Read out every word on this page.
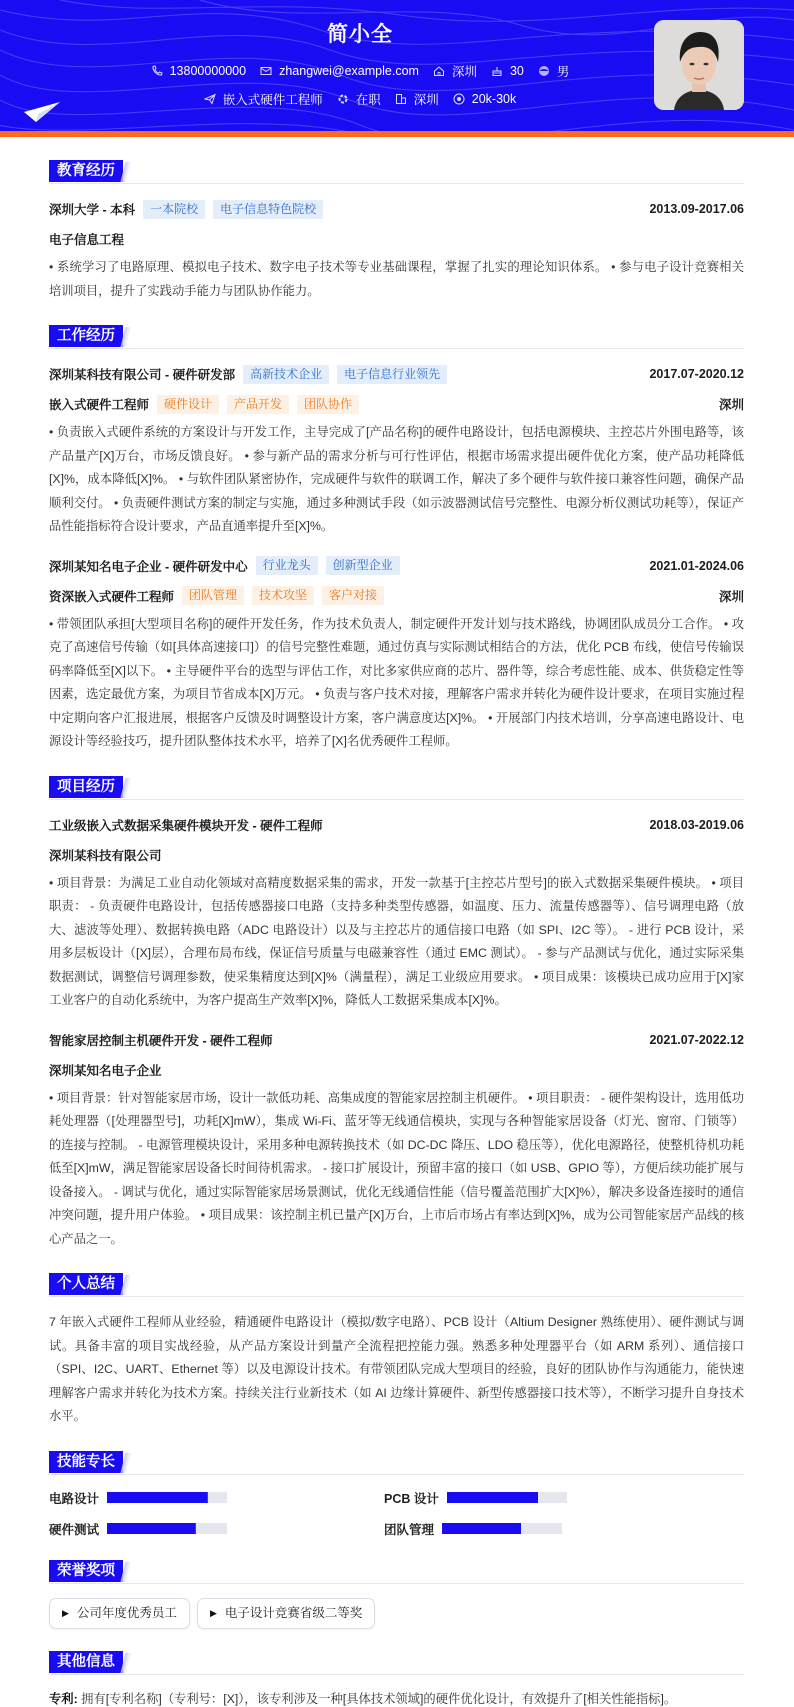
简小全
13800000000	zhangwei@example.com	深圳	30	男
嵌入式硬件工程师	在职	深圳	20k-30k
教育经历
深圳大学 - 本科	一本院校	电子信息特色院校	2013.09-2017.06
电子信息工程

• 系统学习了电路原理、模拟电子技术、数字电子技术等专业基础课程，掌握了扎实的理论知识体系。 • 参与电子设计竞赛相关培训项目，提升了实践动手能力与团队协作能力。

工作经历
深圳某科技有限公司 - 硬件研发部	高新技术企业	电子信息行业领先	2017.07-2020.12
嵌入式硬件工程师	硬件设计	产品开发	团队协作	深圳

• 负责嵌入式硬件系统的方案设计与开发工作，主导完成了[产品名称]的硬件电路设计，包括电源模块、主控芯片外围电路等，该产品量产[X]万台，市场反馈良好。 • 参与新产品的需求分析与可行性评估，根据市场需求提出硬件优化方案，使产品功耗降低[X]%，成本降低[X]%。 • 与软件团队紧密协作，完成硬件与软件的联调工作，解决了多个硬件与软件接口兼容性问题，确保产品顺利交付。 • 负责硬件测试方案的制定与实施，通过多种测试手段（如示波器测试信号完整性、电源分析仪测试功耗等），保证产品性能指标符合设计要求，产品直通率提升至[X]%。

深圳某知名电子企业 - 硬件研发中心	行业龙头	创新型企业	2021.01-2024.06
资深嵌入式硬件工程师	团队管理	技术攻坚	客户对接	深圳

• 带领团队承担[大型项目名称]的硬件开发任务，作为技术负责人，制定硬件开发计划与技术路线，协调团队成员分工合作。 • 攻克了高速信号传输（如[具体高速接口]）的信号完整性难题，通过仿真与实际测试相结合的方法，优化 PCB 布线，使信号传输误码率降低至[X]以下。 • 主导硬件平台的选型与评估工作，对比多家供应商的芯片、器件等，综合考虑性能、成本、供货稳定性等因素，选定最优方案，为项目节省成本[X]万元。 • 负责与客户技术对接，理解客户需求并转化为硬件设计要求，在项目实施过程中定期向客户汇报进展，根据客户反馈及时调整设计方案，客户满意度达[X]%。 • 开展部门内技术培训，分享高速电路设计、电源设计等经验技巧，提升团队整体技术水平，培养了[X]名优秀硬件工程师。

项目经历
工业级嵌入式数据采集硬件模块开发 - 硬件工程师	2018.03-2019.06
深圳某科技有限公司

• 项目背景：为满足工业自动化领域对高精度数据采集的需求，开发一款基于[主控芯片型号]的嵌入式数据采集硬件模块。 • 项目职责： - 负责硬件电路设计，包括传感器接口电路（支持多种类型传感器，如温度、压力、流量传感器等）、信号调理电路（放大、滤波等处理）、数据转换电路（ADC 电路设计）以及与主控芯片的通信接口电路（如 SPI、I2C 等）。 - 进行 PCB 设计，采用多层板设计（[X]层），合理布局布线，保证信号质量与电磁兼容性（通过 EMC 测试）。 - 参与产品测试与优化，通过实际采集数据测试，调整信号调理参数，使采集精度达到[X]%（满量程），满足工业级应用要求。 • 项目成果：该模块已成功应用于[X]家工业客户的自动化系统中，为客户提高生产效率[X]%，降低人工数据采集成本[X]%。

智能家居控制主机硬件开发 - 硬件工程师	2021.07-2022.12
深圳某知名电子企业

• 项目背景：针对智能家居市场，设计一款低功耗、高集成度的智能家居控制主机硬件。 • 项目职责： - 硬件架构设计，选用低功耗处理器（[处理器型号]，功耗[X]mW），集成 Wi-Fi、蓝牙等无线通信模块，实现与各种智能家居设备（灯光、窗帘、门锁等）的连接与控制。 - 电源管理模块设计，采用多种电源转换技术（如 DC-DC 降压、LDO 稳压等），优化电源路径，使整机待机功耗低至[X]mW，满足智能家居设备长时间待机需求。 - 接口扩展设计，预留丰富的接口（如 USB、GPIO 等），方便后续功能扩展与设备接入。 - 调试与优化，通过实际智能家居场景测试，优化无线通信性能（信号覆盖范围扩大[X]%），解决多设备连接时的通信冲突问题，提升用户体验。 • 项目成果：该控制主机已量产[X]万台，上市后市场占有率达到[X]%，成为公司智能家居产品线的核心产品之一。

个人总结

7 年嵌入式硬件工程师从业经验，精通硬件电路设计（模拟/数字电路）、PCB 设计（Altium Designer 熟练使用）、硬件测试与调试。具备丰富的项目实战经验，从产品方案设计到量产全流程把控能力强。熟悉多种处理器平台（如 ARM 系列）、通信接口（SPI、I2C、UART、Ethernet 等）以及电源设计技术。有带领团队完成大型项目的经验，良好的团队协作与沟通能力，能快速理解客户需求并转化为技术方案。持续关注行业新技术（如 AI 边缘计算硬件、新型传感器接口技术等），不断学习提升自身技术水平。

技能专长
电路设计	PCB 设计
硬件测试	团队管理
荣誉奖项
▶ 公司年度优秀员工	▶ 电子设计竞赛省级二等奖
其他信息

专利: 拥有[专利名称]（专利号：[X]），该专利涉及一种[具体技术领域]的硬件优化设计，有效提升了[相关性能指标]。
